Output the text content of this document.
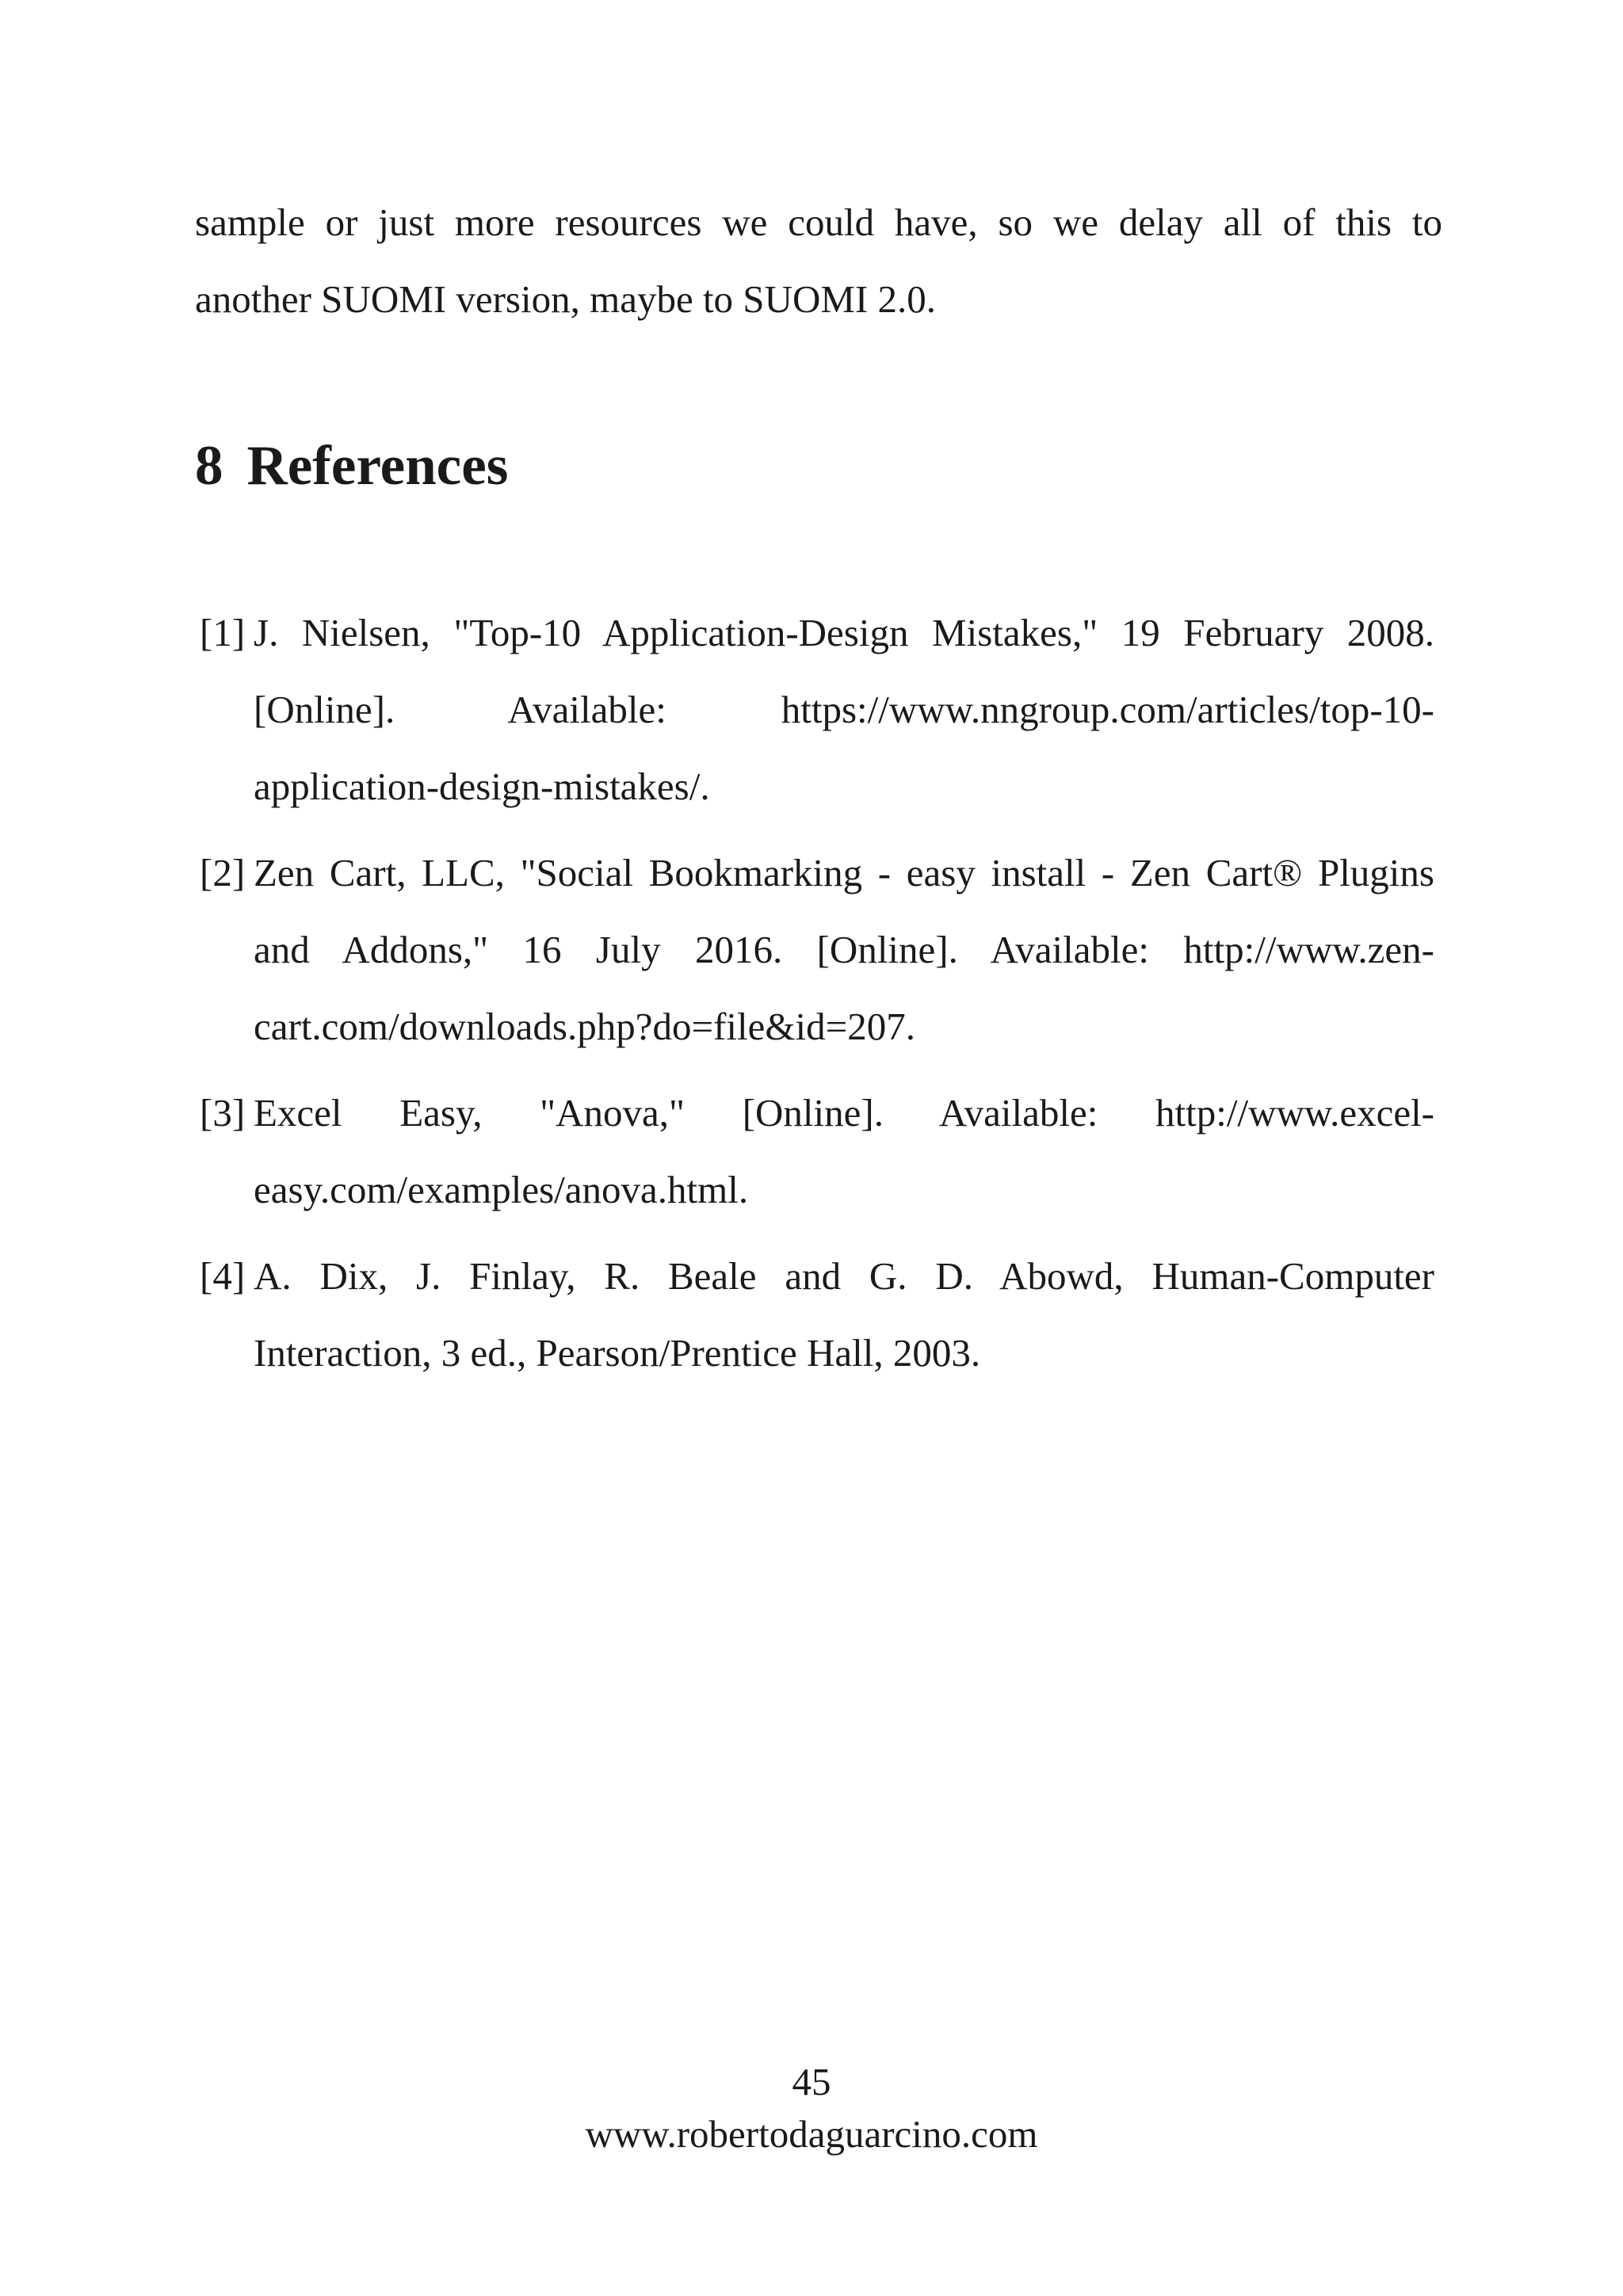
sample or just more resources we could have, so we delay all of this to
another SUOMI version, maybe to SUOMI 2.0.

8 References
[1] J. Nielsen, "Top-10 Application-Design Mistakes," 19 February 2008.
[Online]. Available: https://www.nngroup.com/articles/top-10-
application-design-mistakes/.
[2] Zen Cart, LLC, "Social Bookmarking - easy install - Zen Cart® Plugins
and Addons," 16 July 2016. [Online]. Available: http://www.zen-
cart.com/downloads.php?do=file&id=207.
[3] Excel Easy, "Anova," [Online]. Available: http://www.excel-
easy.com/examples/anova.html.
[4] A. Dix, J. Finlay, R. Beale and G. D. Abowd, Human-Computer
Interaction, 3 ed., Pearson/Prentice Hall, 2003.
45
www.robertodaguarcino.com
